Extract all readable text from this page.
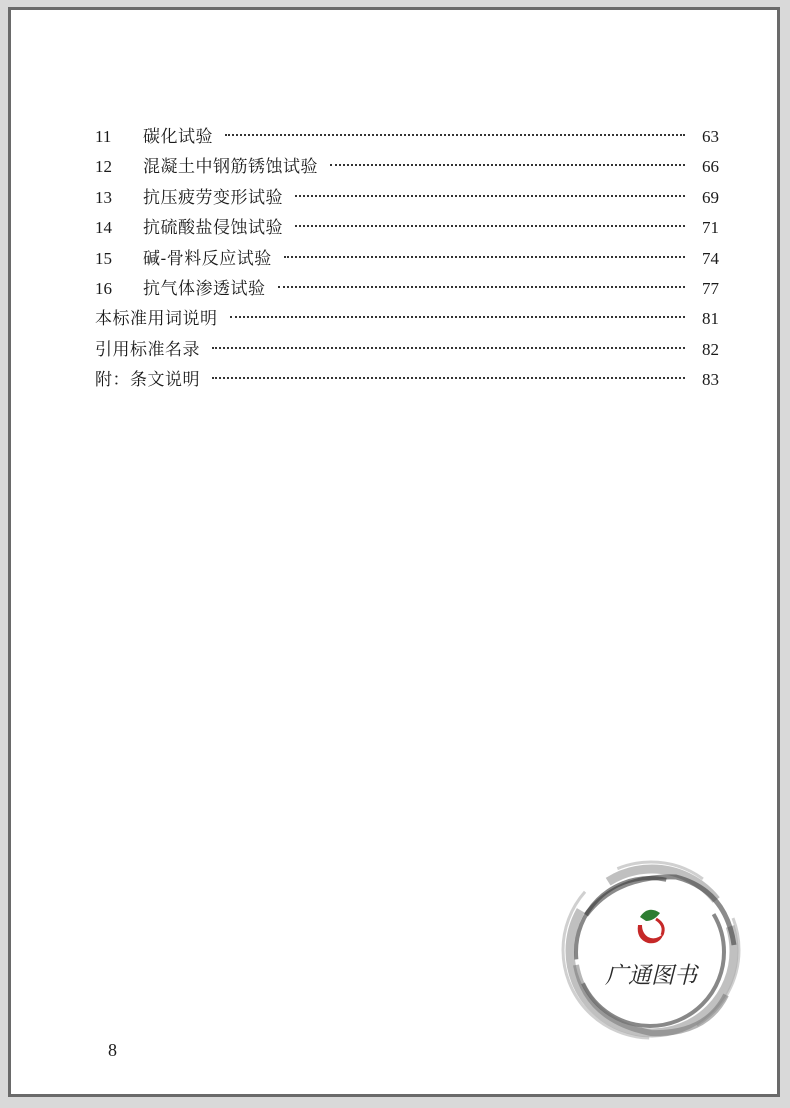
11	碳化试验	63
12	混凝土中钢筋锈蚀试验	66
13	抗压疲劳变形试验	69
14	抗硫酸盐侵蚀试验	71
15	碱-骨料反应试验	74
16	抗气体渗透试验	77
本标准用词说明	81
引用标准名录	82
附：条文说明	83
8
广通图书
